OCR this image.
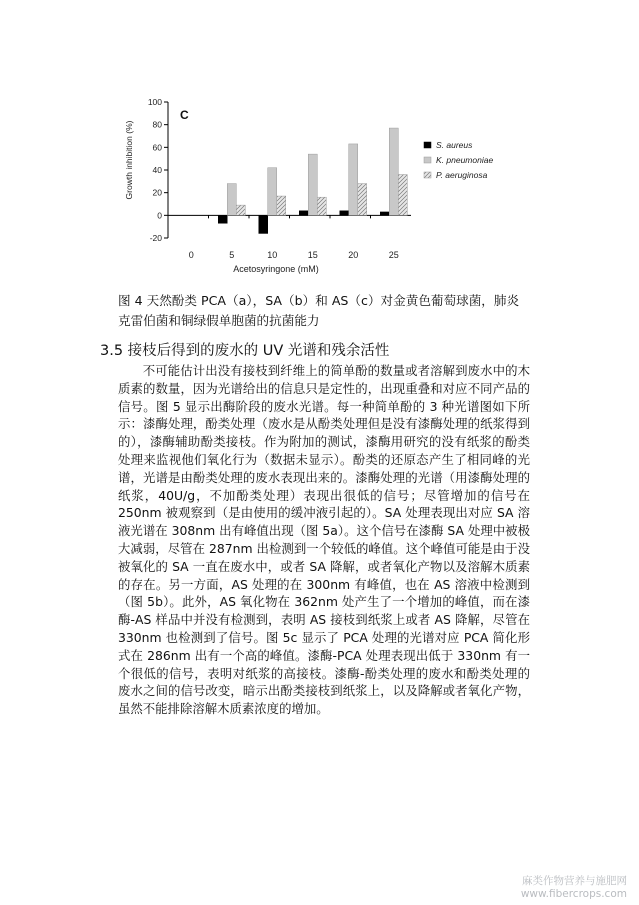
Growth inhibition (%)
C
100
80
60
40
20
0
-20
0	5	10	15	20	25
Acetosyringone (mM)
S. aureus
K. pneumoniae
P. aeruginosa

图 4 天然酚类 PCA（a），SA（b）和 AS（c）对金黄色葡萄球菌，肺炎克雷伯菌和铜绿假单胞菌的抗菌能力

3.5 接枝后得到的废水的 UV 光谱和残余活性

不可能估计出没有接枝到纤维上的简单酚的数量或者溶解到废水中的木质素的数量，因为光谱给出的信息只是定性的，出现重叠和对应不同产品的信号。图 5 显示出酶阶段的废水光谱。每一种简单酚的 3 种光谱图如下所示：漆酶处理，酚类处理（废水是从酚类处理但是没有漆酶处理的纸浆得到的），漆酶辅助酚类接枝。作为附加的测试，漆酶用研究的没有纸浆的酚类处理来监视他们氧化行为（数据未显示）。酚类的还原态产生了相同峰的光谱，光谱是由酚类处理的废水表现出来的。漆酶处理的光谱（用漆酶处理的纸浆，40U/g，不加酚类处理）表现出很低的信号；尽管增加的信号在 250nm 被观察到（是由使用的缓冲液引起的）。SA 处理表现出对应 SA 溶液光谱在 308nm 出有峰值出现（图 5a）。这个信号在漆酶 SA 处理中被极大减弱，尽管在 287nm 出检测到一个较低的峰值。这个峰值可能是由于没被氧化的 SA 一直在废水中，或者 SA 降解，或者氧化产物以及溶解木质素的存在。另一方面，AS 处理的在 300nm 有峰值，也在 AS 溶液中检测到（图 5b）。此外，AS 氧化物在 362nm 处产生了一个增加的峰值，而在漆酶-AS 样品中并没有检测到，表明 AS 接枝到纸浆上或者 AS 降解，尽管在 330nm 也检测到了信号。图 5c 显示了 PCA 处理的光谱对应 PCA 简化形式在 286nm 出有一个高的峰值。漆酶-PCA 处理表现出低于 330nm 有一个很低的信号，表明对纸浆的高接枝。漆酶-酚类处理的废水和酚类处理的废水之间的信号改变，暗示出酚类接枝到纸浆上，以及降解或者氧化产物，虽然不能排除溶解木质素浓度的增加。

麻类作物营养与施肥网
www.fibercrops.com
